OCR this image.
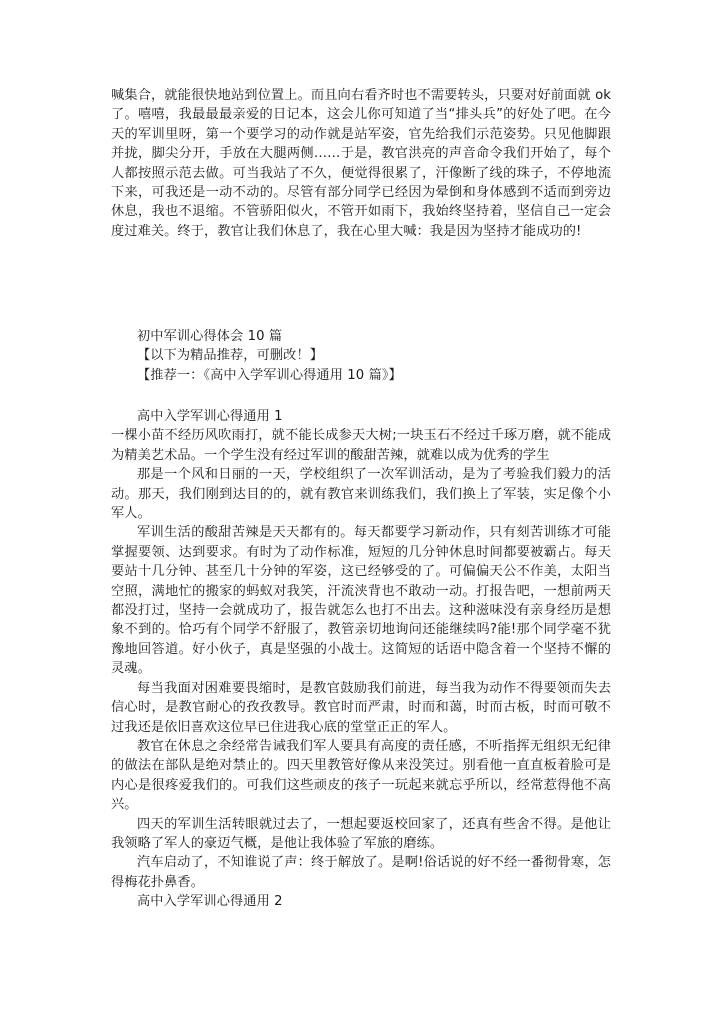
喊集合，就能很快地站到位置上。而且向右看齐时也不需要转头，只要对好前面就 ok 了。嘻嘻，我最最最亲爱的日记本，这会儿你可知道了当“排头兵”的好处了吧。在今天的军训里呀，第一个要学习的动作就是站军姿，官先给我们示范姿势。只见他脚跟并拢，脚尖分开，手放在大腿两侧……于是，教官洪亮的声音命令我们开始了，每个人都按照示范去做。可当我站了不久，便觉得很累了，汗像断了线的珠子，不停地流下来，可我还是一动不动的。尽管有部分同学已经因为晕倒和身体感到不适而到旁边休息，我也不退缩。不管骄阳似火，不管开如雨下，我始终坚持着，坚信自己一定会度过难关。终于，教官让我们休息了，我在心里大喊：我是因为坚持才能成功的!

初中军训心得体会 10 篇

【以下为精品推荐，可删改！】

【推荐一：《高中入学军训心得通用 10 篇》】

高中入学军训心得通用 1

一棵小苗不经历风吹雨打，就不能长成参天大树;一块玉石不经过千琢万磨，就不能成为精美艺术品。一个学生没有经过军训的酸甜苦辣，就难以成为优秀的学生

那是一个风和日丽的一天，学校组织了一次军训活动，是为了考验我们毅力的活动。那天，我们刚到达目的的，就有教官来训练我们，我们换上了军装，实足像个小军人。

军训生活的酸甜苦辣是天天都有的。每天都要学习新动作，只有刻苦训练才可能掌握要领、达到要求。有时为了动作标准，短短的几分钟休息时间都要被霸占。每天要站十几分钟、甚至几十分钟的军姿，这已经够受的了。可偏偏天公不作美，太阳当空照，满地忙的搬家的蚂蚁对我笑，汗流浃背也不敢动一动。打报告吧，一想前两天都没打过，坚持一会就成功了，报告就怎么也打不出去。这种滋味没有亲身经历是想象不到的。恰巧有个同学不舒服了，教管亲切地询问还能继续吗?能!那个同学毫不犹豫地回答道。好小伙子，真是坚强的小战士。这简短的话语中隐含着一个坚持不懈的灵魂。

每当我面对困难要畏缩时，是教官鼓励我们前进，每当我为动作不得要领而失去信心时，是教官耐心的孜孜教导。教官时而严肃，时而和蔼，时而古板，时而可敬不过我还是依旧喜欢这位早已住进我心底的堂堂正正的军人。

教官在休息之余经常告诫我们军人要具有高度的责任感，不听指挥无组织无纪律的做法在部队是绝对禁止的。四天里教管好像从来没笑过。别看他一直直板着脸可是内心是很疼爱我们的。可我们这些顽皮的孩子一玩起来就忘乎所以，经常惹得他不高兴。

四天的军训生活转眼就过去了，一想起要返校回家了，还真有些舍不得。是他让我领略了军人的豪迈气概，是他让我体验了军旅的磨练。

汽车启动了，不知谁说了声：终于解放了。是啊!俗话说的好不经一番彻骨寒，怎得梅花扑鼻香。

高中入学军训心得通用 2
